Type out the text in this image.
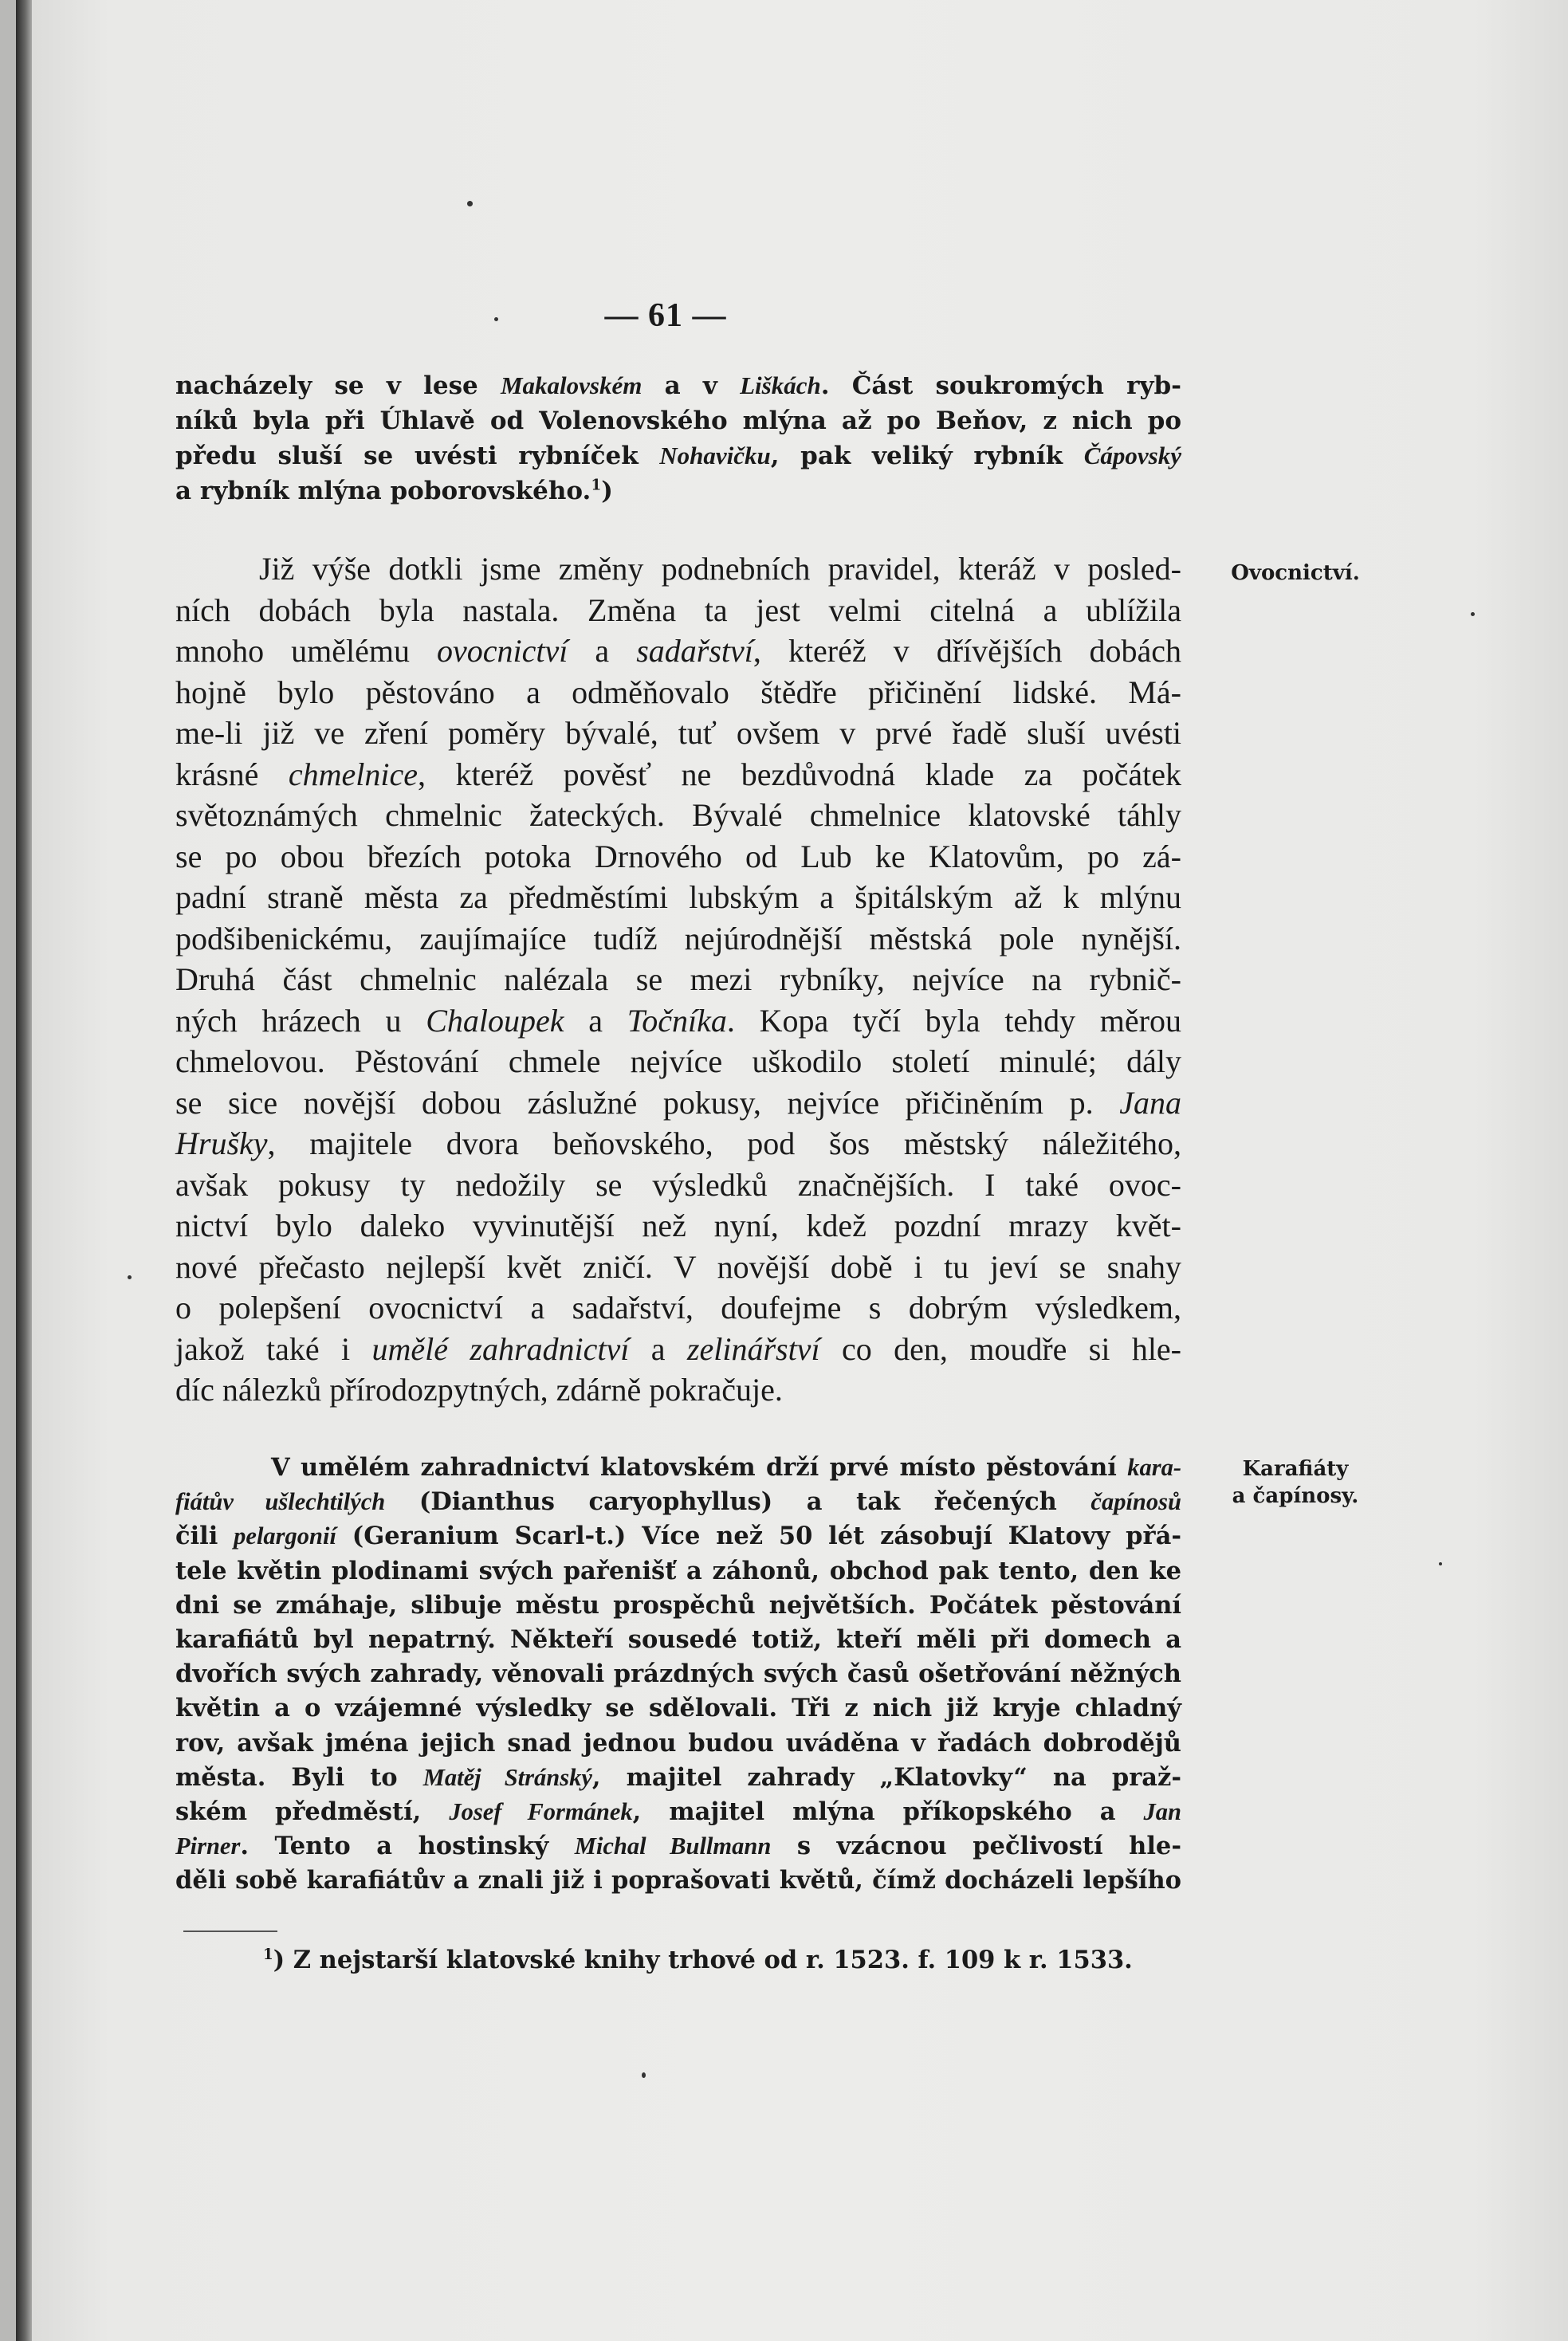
— 61 —
nacházely se v lese Makalovském a v Liškách. Část soukromých ryb-
níků byla při Úhlavě od Volenovského mlýna až po Beňov, z nich po
předu sluší se uvésti rybníček Nohavičku, pak veliký rybník Čápovský
a rybník mlýna poborovského.$^1$)
Ovocnictví.
Již výše dotkli jsme změny podnebních pravidel, kteráž v posled-
ních dobách byla nastala. Změna ta jest velmi citelná a ublížila
mnoho umělému ovocnictví a sadařství, kteréž v dřívějších dobách
hojně bylo pěstováno a odměňovalo štědře přičinění lidské. Má-
me-li již ve zření poměry bývalé, tuť ovšem v prvé řadě sluší uvésti
krásné chmelnice, kteréž pověsť ne bezdůvodná klade za počátek
světoznámých chmelnic žateckých. Bývalé chmelnice klatovské táhly
se po obou březích potoka Drnového od Lub ke Klatovům, po zá-
padní straně města za předměstími lubským a špitálským až k mlýnu
podšibenickému, zaujímajíce tudíž nejúrodnější městská pole nynější.
Druhá část chmelnic nalézala se mezi rybníky, nejvíce na rybnič-
ných hrázech u Chaloupek a Točníka. Kopa tyčí byla tehdy měrou
chmelovou. Pěstování chmele nejvíce uškodilo století minulé; dály
se sice novější dobou záslužné pokusy, nejvíce přičiněním p. Jana
Hrušky, majitele dvora beňovského, pod šos městský náležitého,
avšak pokusy ty nedožily se výsledků značnějších. I také ovoc-
nictví bylo daleko vyvinutější než nyní, kdež pozdní mrazy květ-
nové přečasto nejlepší květ zničí. V novější době i tu jeví se snahy
o polepšení ovocnictví a sadařství, doufejme s dobrým výsledkem,
jakož také i umělé zahradnictví a zelinářství co den, moudře si hle-
díc nálezků přírodozpytných, zdárně pokračuje.
Karafiáty
a čapínosy.
V umělém zahradnictví klatovském drží prvé místo pěstování kara-
fiátův ušlechtilých (Dianthus caryophyllus) a tak řečených čapínosů
čili pelargonií (Geranium Scarl-t.) Více než 50 lét zásobují Klatovy přá-
tele květin plodinami svých pařenišť a záhonů, obchod pak tento, den ke
dni se zmáhaje, slibuje městu prospěchů největších. Počátek pěstování
karafiátů byl nepatrný. Někteří sousedé totiž, kteří měli při domech a
dvořích svých zahrady, věnovali prázdných svých časů ošetřování něžných
květin a o vzájemné výsledky se sdělovali. Tři z nich již kryje chladný
rov, avšak jména jejich snad jednou budou uváděna v řadách dobrodějů
města. Byli to Matěj Stránský, majitel zahrady „Klatovky“ na praž-
ském předměstí, Josef Formánek, majitel mlýna příkopského a Jan
Pirner. Tento a hostinský Michal Bullmann s vzácnou pečlivostí hle-
děli sobě karafiátův a znali již i poprašovati květů, čímž docházeli lepšího
$^1$) Z nejstarší klatovské knihy trhové od r. 1523. f. 109 k r. 1533.
